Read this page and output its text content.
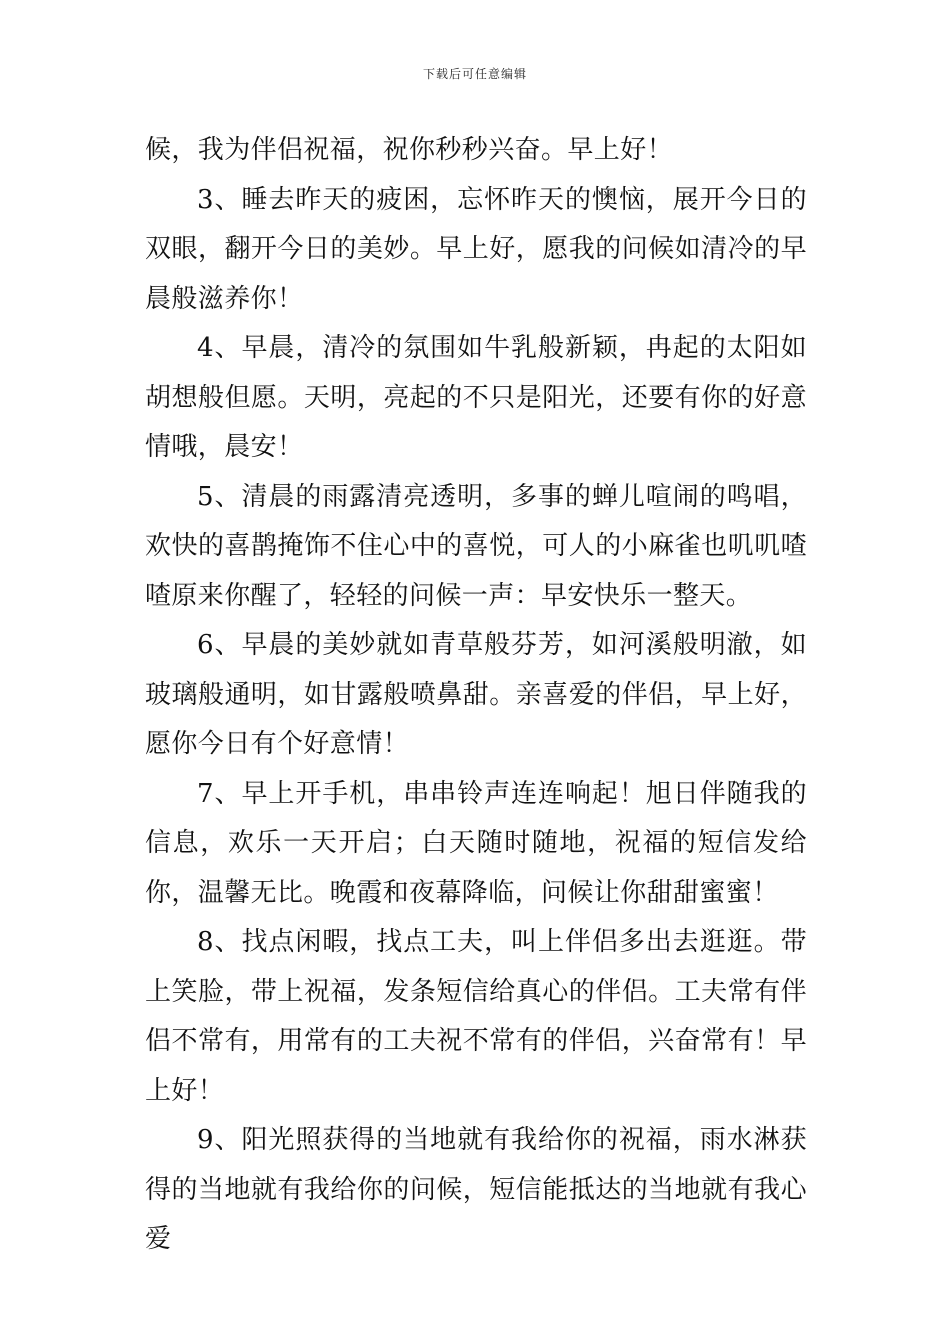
下载后可任意编辑

候，我为伴侣祝福，祝你秒秒兴奋。早上好！

3、睡去昨天的疲困，忘怀昨天的懊恼，展开今日的双眼，翻开今日的美妙。早上好，愿我的问候如清冷的早晨般滋养你！

4、早晨，清冷的氛围如牛乳般新颖，冉起的太阳如胡想般但愿。天明，亮起的不只是阳光，还要有你的好意情哦，晨安！

5、清晨的雨露清亮透明，多事的蝉儿喧闹的鸣唱，欢快的喜鹊掩饰不住心中的喜悦，可人的小麻雀也叽叽喳喳原来你醒了，轻轻的问候一声：早安快乐一整天。

6、早晨的美妙就如青草般芬芳，如河溪般明澈，如玻璃般通明，如甘露般喷鼻甜。亲喜爱的伴侣，早上好，愿你今日有个好意情！

7、早上开手机，串串铃声连连响起！旭日伴随我的信息，欢乐一天开启；白天随时随地，祝福的短信发给你，温馨无比。晚霞和夜幕降临，问候让你甜甜蜜蜜！

8、找点闲暇，找点工夫，叫上伴侣多出去逛逛。带上笑脸，带上祝福，发条短信给真心的伴侣。工夫常有伴侣不常有，用常有的工夫祝不常有的伴侣，兴奋常有！早上好！

9、阳光照获得的当地就有我给你的祝福，雨水淋获得的当地就有我给你的问候，短信能抵达的当地就有我心爱
